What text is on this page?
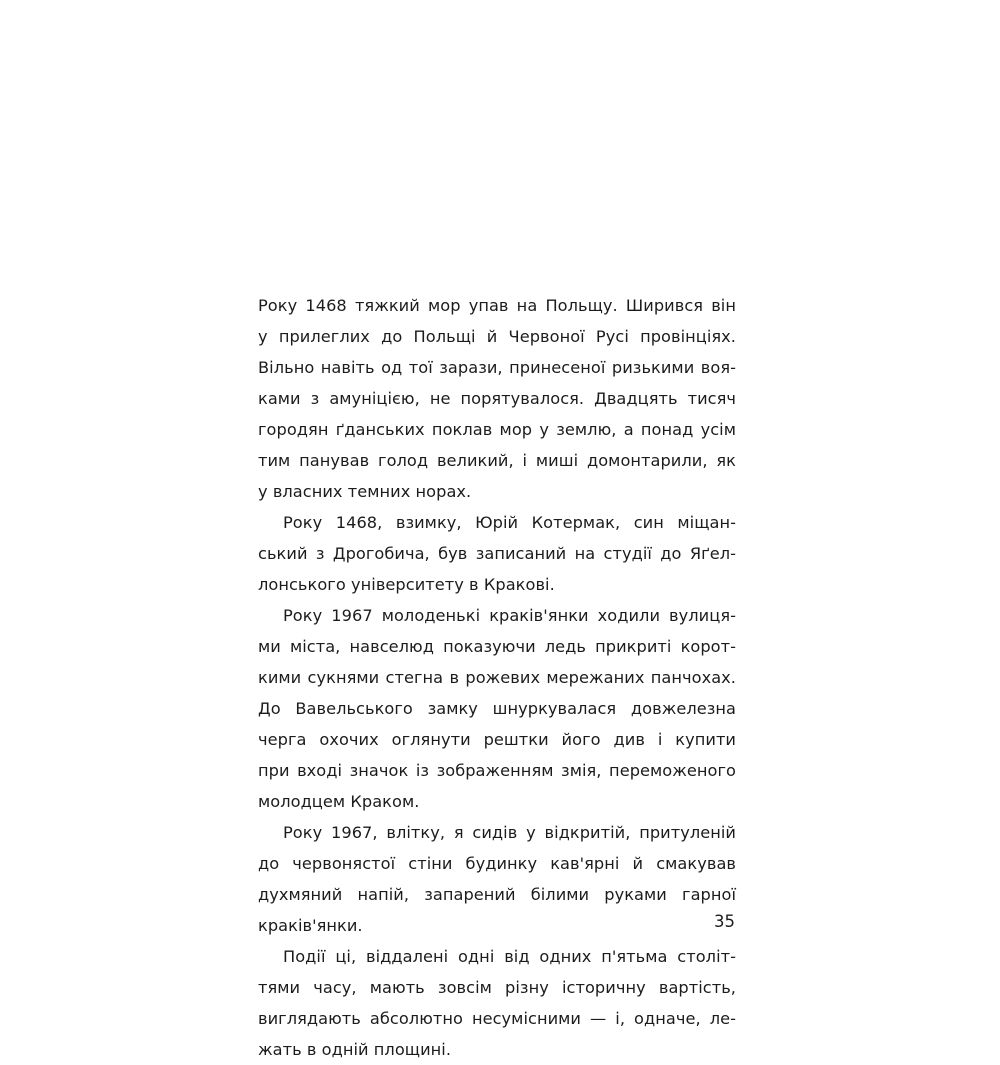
Року 1468 тяжкий мор упав на Польщу. Ширився він
у прилеглих до Польщі й Червоної Русі провінціях.
Вільно навіть од тої зарази, принесеної ризькими воя-
ками з амуніцією, не порятувалося. Двадцять тисяч
городян ґданських поклав мор у землю, а понад усім
тим панував голод великий, і миші домонтарили, як
у власних темних норах.
Року 1468, взимку, Юрій Котермак, син міщан-
ський з Дрогобича, був записаний на студії до Яґел-
лонського університету в Кракові.
Року 1967 молоденькі краків'янки ходили вулиця-
ми міста, навселюд показуючи ледь прикриті корот-
кими сукнями стегна в рожевих мережаних панчохах.
До Вавельського замку шнуркувалася довжелезна
черга охочих оглянути рештки його див і купити
при вході значок із зображенням змія, переможеного
молодцем Краком.
Року 1967, влітку, я сидів у відкритій, притуленій
до червонястої стіни будинку кав'ярні й смакував
духмяний напій, запарений білими руками гарної
краків'янки.
Події ці, віддалені одні від одних п'ятьма століт-
тями часу, мають зовсім різну історичну вартість,
виглядають абсолютно несумісними — і, одначе, ле-
жать в одній площині.
35
